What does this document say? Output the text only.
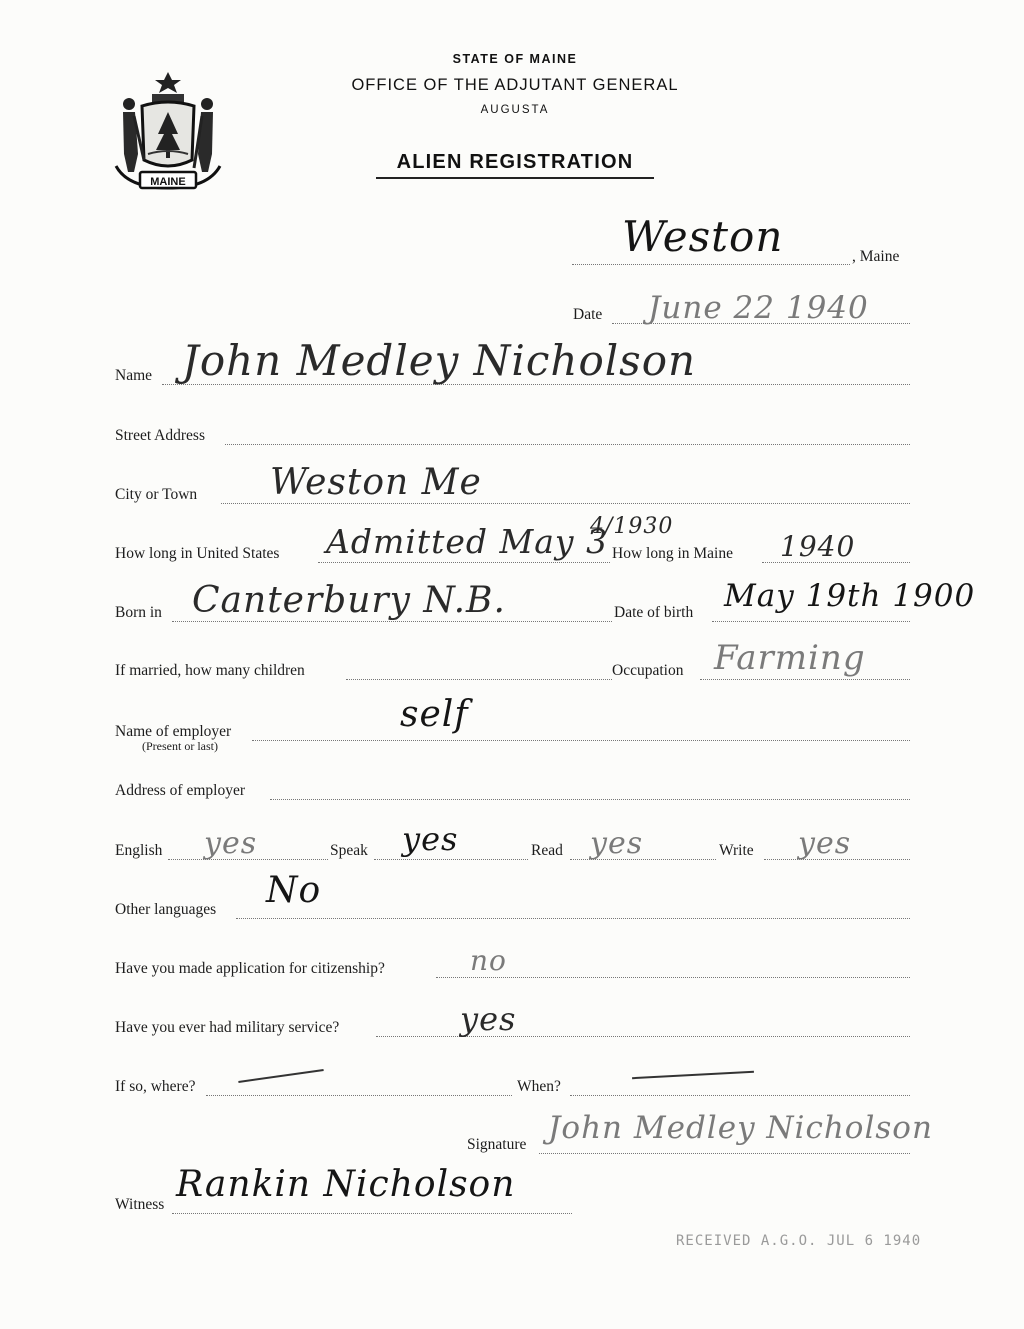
MAINE
STATE OF MAINE
OFFICE OF THE ADJUTANT GENERAL
AUGUSTA
ALIEN REGISTRATION
Weston	, Maine
Date June 22 1940
Name John Medley Nicholson
Street Address
City or Town Weston Me
How long in United States Admitted May 3
4/1930
How long in Maine 1940
Born in Canterbury N.B.	Date of birth May 19th 1900
If married, how many children	Occupation Farming
Name of employer
(Present or last)
self
Address of employer
English yes	Speak yes	Read yes	Write yes
Other languages No
Have you made application for citizenship?	no
Have you ever had military service?	yes
If so, where?	When?
Signature John Medley Nicholson
Witness Rankin Nicholson
RECEIVED A.G.O. JUL 6 1940
